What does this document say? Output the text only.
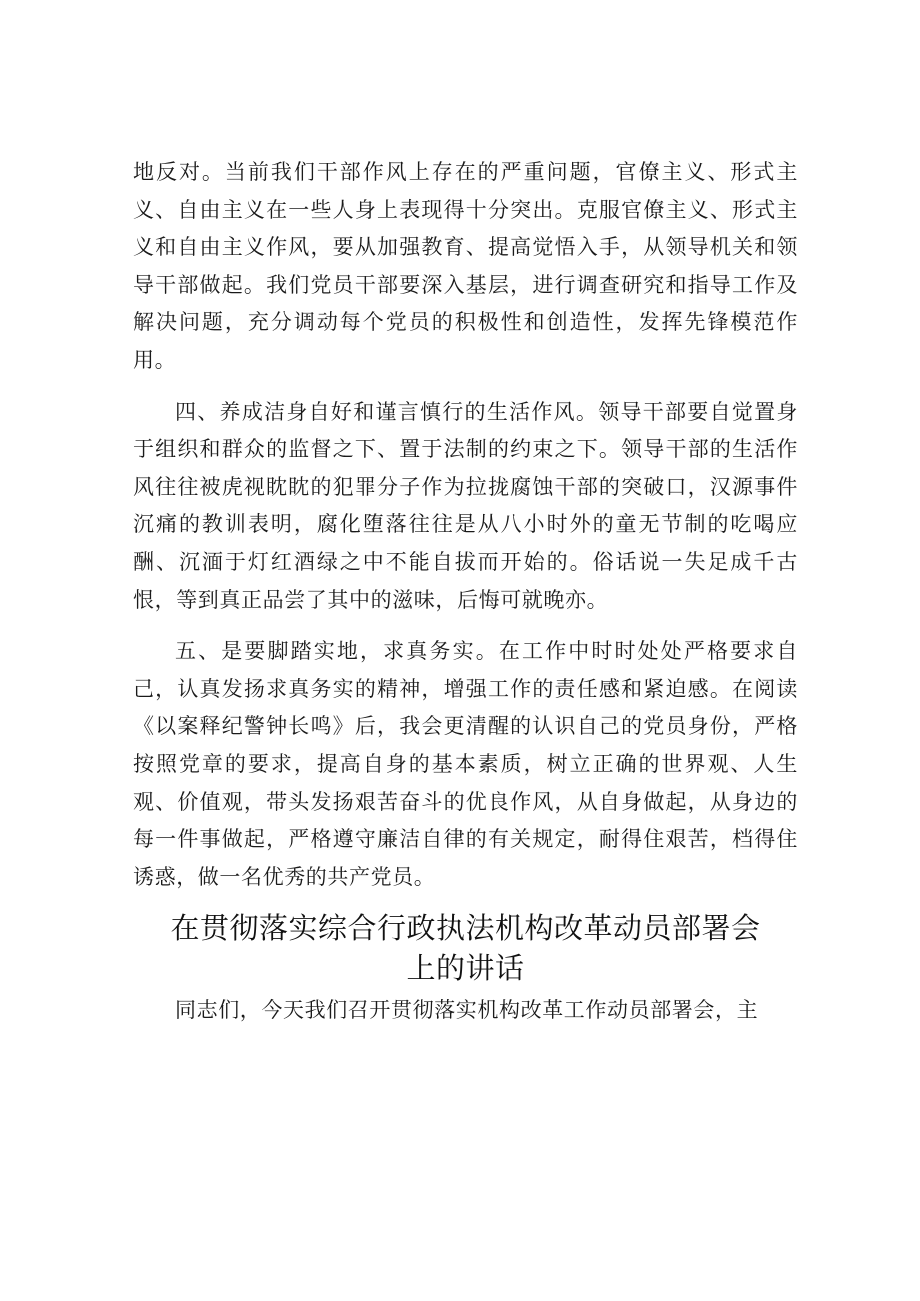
地反对。当前我们干部作风上存在的严重问题，官僚主义、形式主义、自由主义在一些人身上表现得十分突出。克服官僚主义、形式主义和自由主义作风，要从加强教育、提高觉悟入手，从领导机关和领导干部做起。我们党员干部要深入基层，进行调查研究和指导工作及解决问题，充分调动每个党员的积极性和创造性，发挥先锋模范作用。

四、养成洁身自好和谨言慎行的生活作风。领导干部要自觉置身于组织和群众的监督之下、置于法制的约束之下。领导干部的生活作风往往被虎视眈眈的犯罪分子作为拉拢腐蚀干部的突破口，汉源事件沉痛的教训表明，腐化堕落往往是从八小时外的童无节制的吃喝应酬、沉湎于灯红酒绿之中不能自拔而开始的。俗话说一失足成千古恨，等到真正品尝了其中的滋味，后悔可就晚亦。

五、是要脚踏实地，求真务实。在工作中时时处处严格要求自己，认真发扬求真务实的精神，增强工作的责任感和紧迫感。在阅读《以案释纪警钟长鸣》后，我会更清醒的认识自己的党员身份，严格按照党章的要求，提高自身的基本素质，树立正确的世界观、人生观、价值观，带头发扬艰苦奋斗的优良作风，从自身做起，从身边的每一件事做起，严格遵守廉洁自律的有关规定，耐得住艰苦，档得住诱惑，做一名优秀的共产党员。

在贯彻落实综合行政执法机构改革动员部署会
上的讲话

同志们，今天我们召开贯彻落实机构改革工作动员部署会，主
